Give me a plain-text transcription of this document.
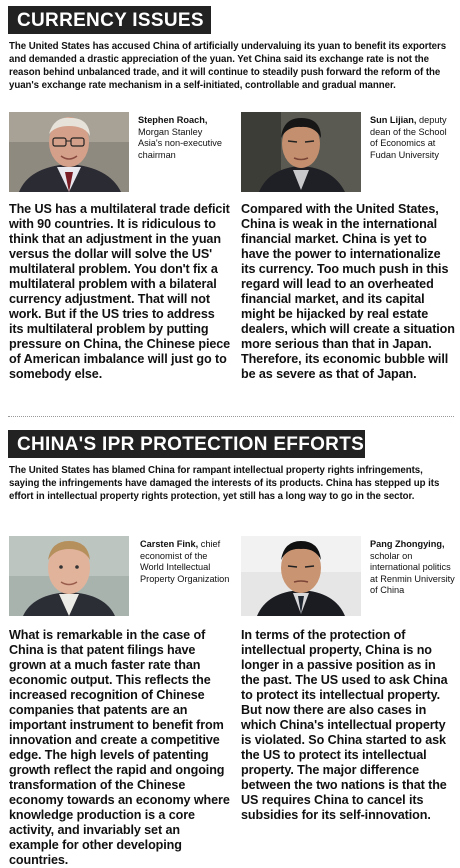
CURRENCY ISSUES
The United States has accused China of artificially undervaluing its yuan to benefit its exporters and demanded a drastic appreciation of the yuan. Yet China said its exchange rate is not the reason behind unbalanced trade, and it will continue to steadily push forward the reform of the yuan's exchange rate mechanism in a self-initiated, controllable and gradual manner.
Stephen Roach, Morgan Stanley Asia's non-executive chairman
Sun Lijian, deputy dean of the School of Economics at Fudan University
The US has a multilateral trade deficit with 90 countries. It is ridiculous to think that an adjustment in the yuan versus the dollar will solve the US' multilateral problem. You don't fix a multilateral problem with a bilateral currency adjustment. That will not work. But if the US tries to address its multilateral problem by putting pressure on China, the Chinese piece of American imbalance will just go to somebody else.
Compared with the United States, China is weak in the international financial market. China is yet to have the power to internationalize its currency. Too much push in this regard will lead to an overheated financial market, and its capital might be hijacked by real estate dealers, which will create a situation more serious than that in Japan. Therefore, its economic bubble will be as severe as that of Japan.
CHINA'S IPR PROTECTION EFFORTS
The United States has blamed China for rampant intellectual property rights infringements, saying the infringements have damaged the interests of its products. China has stepped up its effort in intellectual property rights protection, yet still has a long way to go in the sector.
Carsten Fink, chief economist of the World Intellectual Property Organization
Pang Zhongying, scholar on international politics at Renmin University of China
What is remarkable in the case of China is that patent filings have grown at a much faster rate than economic output. This reflects the increased recognition of Chinese companies that patents are an important instrument to benefit from innovation and create a competitive edge. The high levels of patenting growth reflect the rapid and ongoing transformation of the Chinese economy towards an economy where knowledge production is a core activity, and invariably set an example for other developing countries.
In terms of the protection of intellectual property, China is no longer in a passive position as in the past. The US used to ask China to protect its intellectual property. But now there are also cases in which China's intellectual property is violated. So China started to ask the US to protect its intellectual property. The major difference between the two nations is that the US requires China to cancel its subsidies for its self-innovation.
